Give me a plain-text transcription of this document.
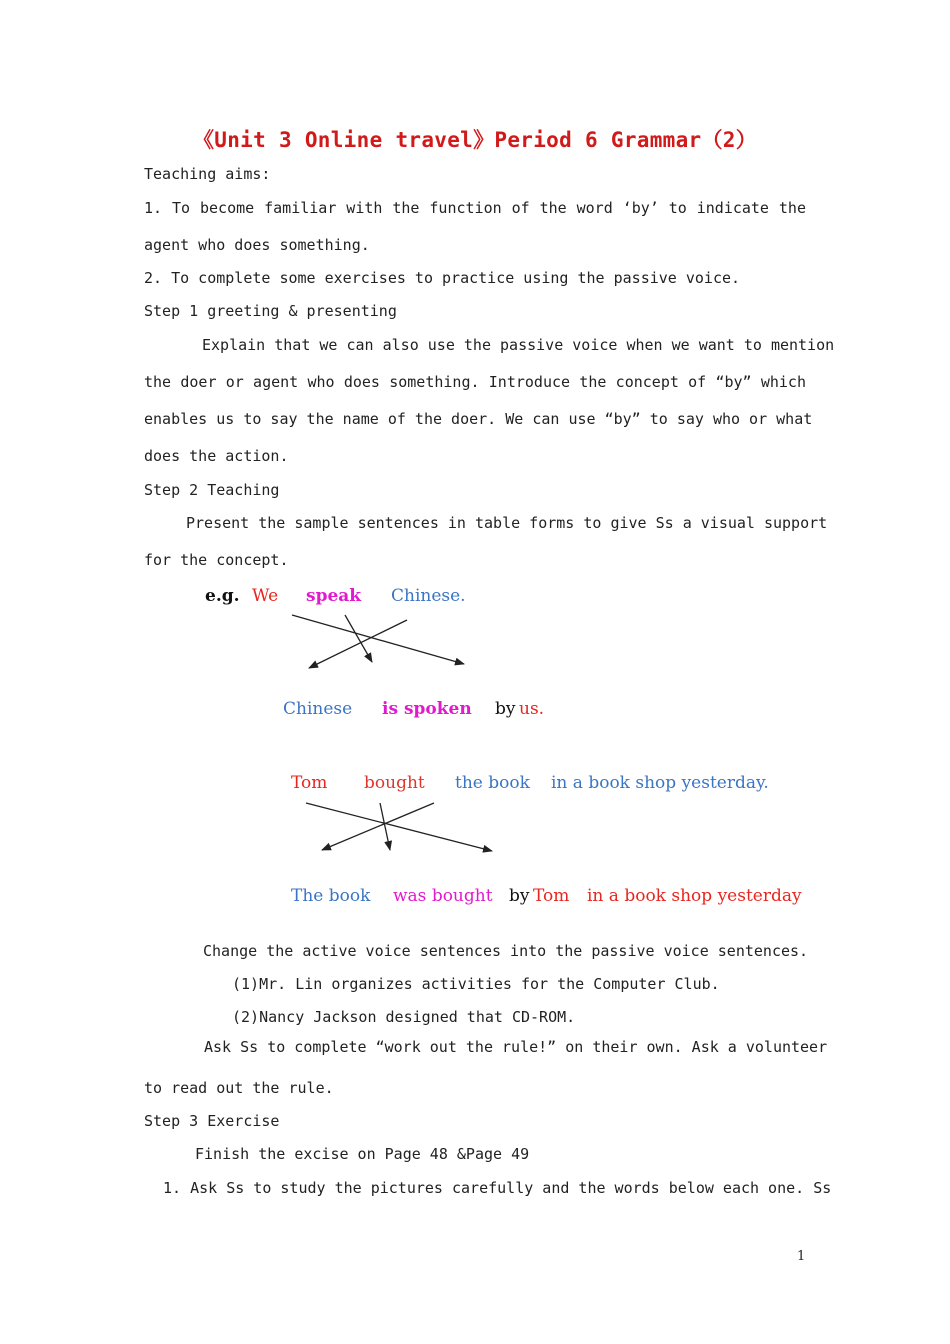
《Unit 3 Online travel》Period 6 Grammar（2）
Teaching aims:
1. To become familiar with the function of the word ‘by’ to indicate the
agent who does something.
2. To complete some exercises to practice using the passive voice.
Step 1 greeting & presenting
Explain that we can also use the passive voice when we want to mention
the doer or agent who does something. Introduce the concept of “by” which
enables us to say the name of the doer. We can use “by” to say who or what
does the action.
Step 2 Teaching
Present the sample sentences in table forms to give Ss a visual support
for the concept.
e.g. We speak Chinese.
Chinese is spoken by us.
Tom bought the book in a book shop yesterday.
The book was bought by Tom in a book shop yesterday
Change the active voice sentences into the passive voice sentences.
(1)Mr. Lin organizes activities for the Computer Club.
(2)Nancy Jackson designed that CD-ROM.
Ask Ss to complete “work out the rule!” on their own. Ask a volunteer
to read out the rule.
Step 3 Exercise
Finish the excise on Page 48 &Page 49
1. Ask Ss to study the pictures carefully and the words below each one. Ss
1
